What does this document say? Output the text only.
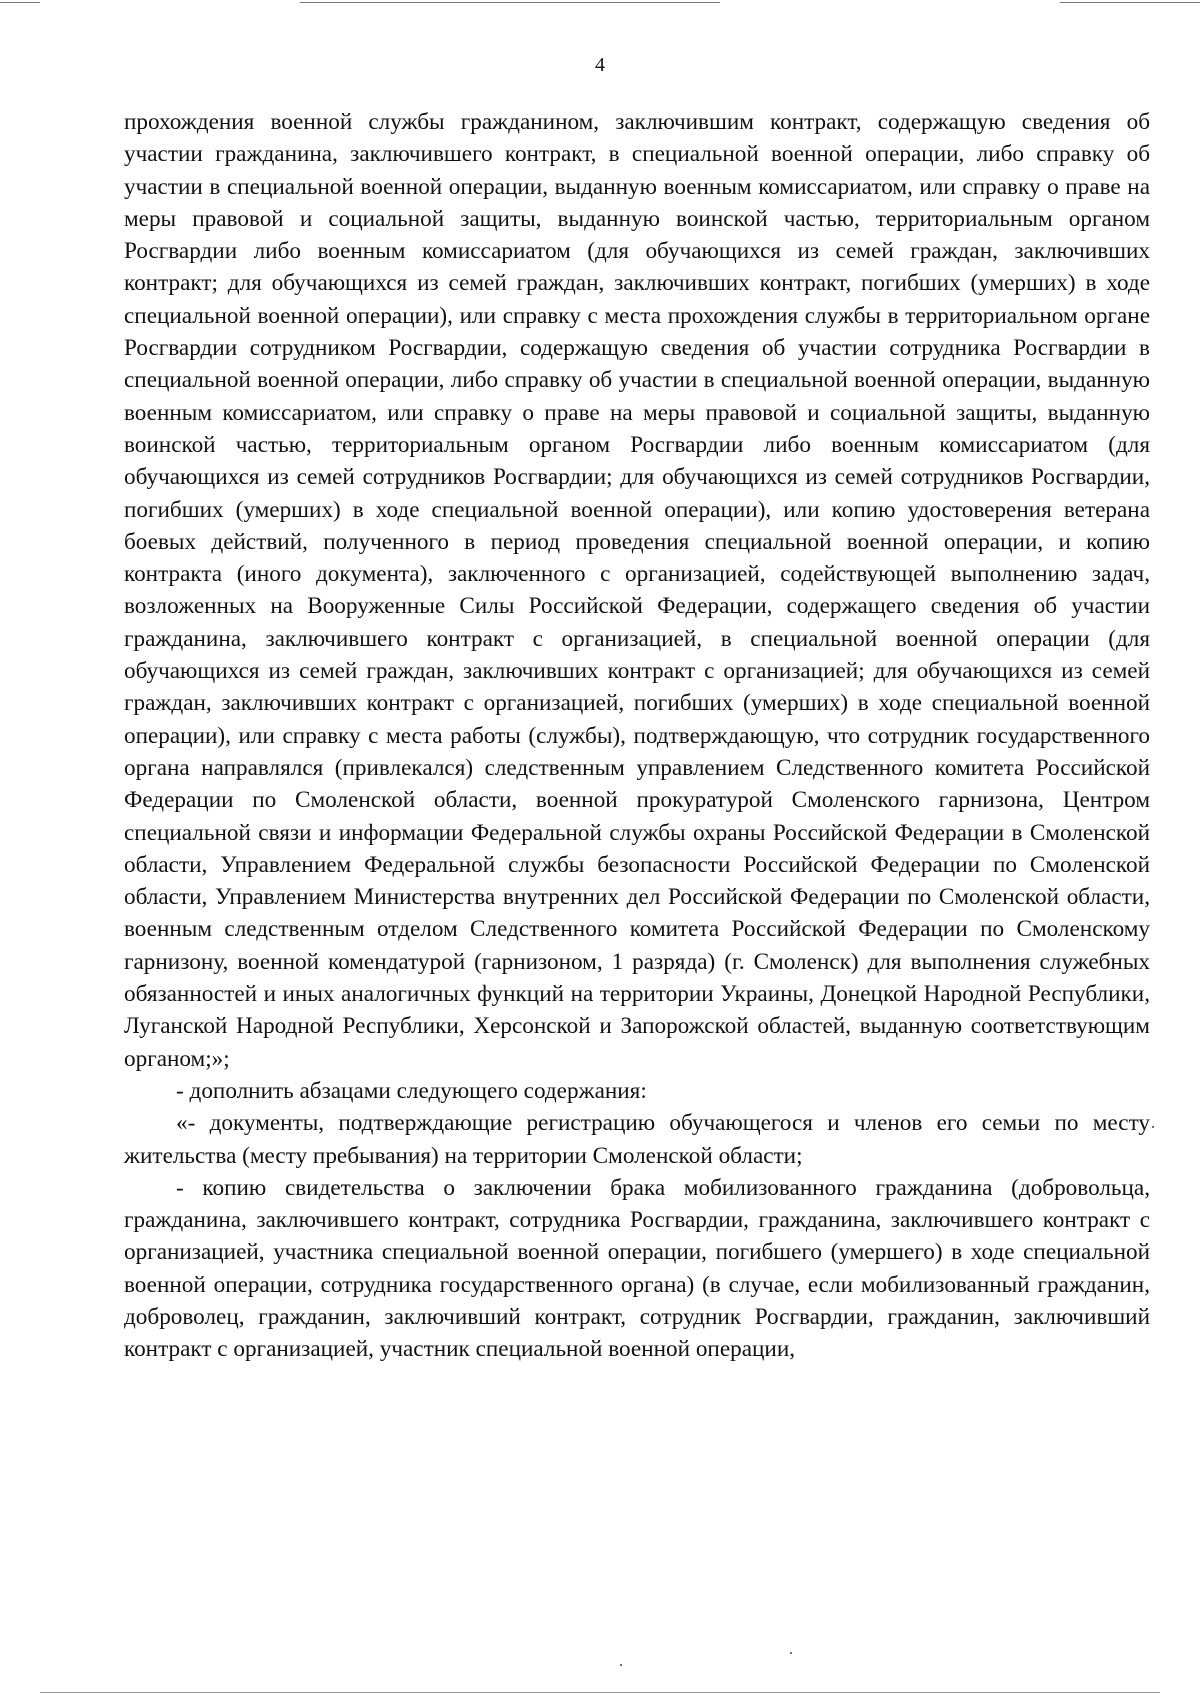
4

прохождения военной службы гражданином, заключившим контракт, содержащую сведения об участии гражданина, заключившего контракт, в специальной военной операции, либо справку об участии в специальной военной операции, выданную военным комиссариатом, или справку о праве на меры правовой и социальной защиты, выданную воинской частью, территориальным органом Росгвардии либо военным комиссариатом (для обучающихся из семей граждан, заключивших контракт; для обучающихся из семей граждан, заключивших контракт, погибших (умерших) в ходе специальной военной операции), или справку с места прохождения службы в территориальном органе Росгвардии сотрудником Росгвардии, содержащую сведения об участии сотрудника Росгвардии в специальной военной операции, либо справку об участии в специальной военной операции, выданную военным комиссариатом, или справку о праве на меры правовой и социальной защиты, выданную воинской частью, территориальным органом Росгвардии либо военным комиссариатом (для обучающихся из семей сотрудников Росгвардии; для обучающихся из семей сотрудников Росгвардии, погибших (умерших) в ходе специальной военной операции), или копию удостоверения ветерана боевых действий, полученного в период проведения специальной военной операции, и копию контракта (иного документа), заключенного с организацией, содействующей выполнению задач, возложенных на Вооруженные Силы Российской Федерации, содержащего сведения об участии гражданина, заключившего контракт с организацией, в специальной военной операции (для обучающихся из семей граждан, заключивших контракт с организацией; для обучающихся из семей граждан, заключивших контракт с организацией, погибших (умерших) в ходе специальной военной операции), или справку с места работы (службы), подтверждающую, что сотрудник государственного органа направлялся (привлекался) следственным управлением Следственного комитета Российской Федерации по Смоленской области, военной прокуратурой Смоленского гарнизона, Центром специальной связи и информации Федеральной службы охраны Российской Федерации в Смоленской области, Управлением Федеральной службы безопасности Российской Федерации по Смоленской области, Управлением Министерства внутренних дел Российской Федерации по Смоленской области, военным следственным отделом Следственного комитета Российской Федерации по Смоленскому гарнизону, военной комендатурой (гарнизоном, 1 разряда) (г. Смоленск) для выполнения служебных обязанностей и иных аналогичных функций на территории Украины, Донецкой Народной Республики, Луганской Народной Республики, Херсонской и Запорожской областей, выданную соответствующим органом;»;

- дополнить абзацами следующего содержания:

«- документы, подтверждающие регистрацию обучающегося и членов его семьи по месту жительства (месту пребывания) на территории Смоленской области;

- копию свидетельства о заключении брака мобилизованного гражданина (добровольца, гражданина, заключившего контракт, сотрудника Росгвардии, гражданина, заключившего контракт с организацией, участника специальной военной операции, погибшего (умершего) в ходе специальной военной операции, сотрудника государственного органа) (в случае, если мобилизованный гражданин, доброволец, гражданин, заключивший контракт, сотрудник Росгвардии, гражданин, заключивший контракт с организацией, участник специальной военной операции,
